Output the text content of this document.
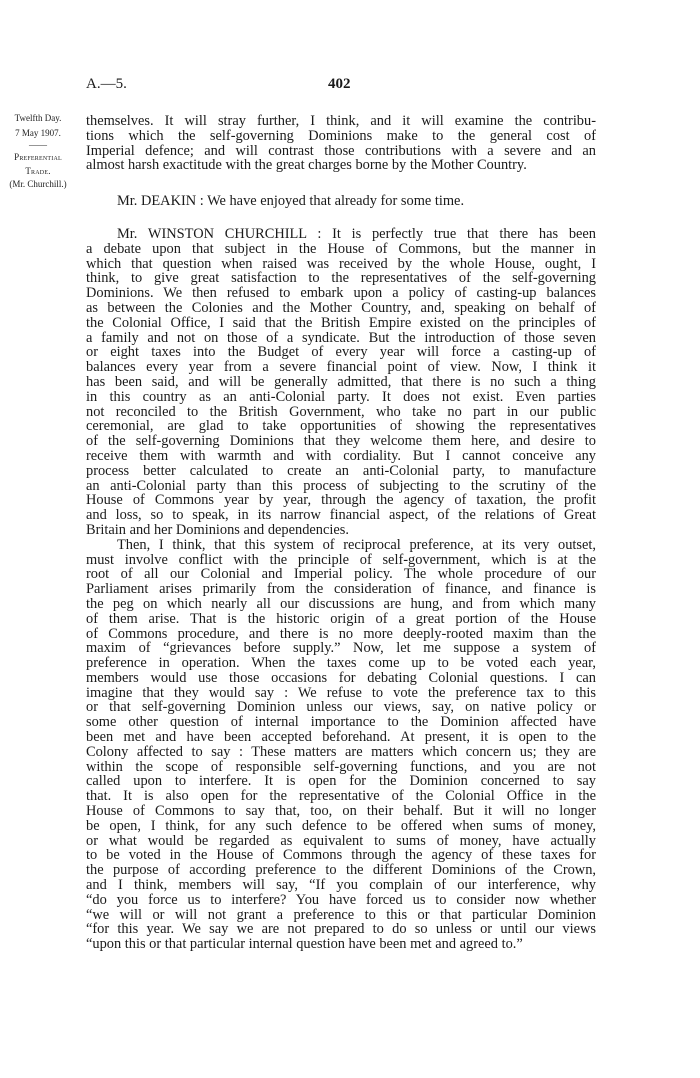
A.—5.	402
Twelfth Day.
7 May 1907.
——
Preferential
Trade.
(Mr. Churchill.)
themselves. It will stray further, I think, and it will examine the contribu-
tions which the self-governing Dominions make to the general cost of
Imperial defence; and will contrast those contributions with a severe and an
almost harsh exactitude with the great charges borne by the Mother Country.
Mr. DEAKIN : We have enjoyed that already for some time.
Mr. WINSTON CHURCHILL : It is perfectly true that there has been
a debate upon that subject in the House of Commons, but the manner in
which that question when raised was received by the whole House, ought, I
think, to give great satisfaction to the representatives of the self-governing
Dominions. We then refused to embark upon a policy of casting-up balances
as between the Colonies and the Mother Country, and, speaking on behalf of
the Colonial Office, I said that the British Empire existed on the principles of
a family and not on those of a syndicate. But the introduction of those seven
or eight taxes into the Budget of every year will force a casting-up of
balances every year from a severe financial point of view. Now, I think it
has been said, and will be generally admitted, that there is no such a thing
in this country as an anti-Colonial party. It does not exist. Even parties
not reconciled to the British Government, who take no part in our public
ceremonial, are glad to take opportunities of showing the representatives
of the self-governing Dominions that they welcome them here, and desire to
receive them with warmth and with cordiality. But I cannot conceive any
process better calculated to create an anti-Colonial party, to manufacture
an anti-Colonial party than this process of subjecting to the scrutiny of the
House of Commons year by year, through the agency of taxation, the profit
and loss, so to speak, in its narrow financial aspect, of the relations of Great
Britain and her Dominions and dependencies.
Then, I think, that this system of reciprocal preference, at its very outset,
must involve conflict with the principle of self-government, which is at the
root of all our Colonial and Imperial policy. The whole procedure of our
Parliament arises primarily from the consideration of finance, and finance is
the peg on which nearly all our discussions are hung, and from which many
of them arise. That is the historic origin of a great portion of the House
of Commons procedure, and there is no more deeply-rooted maxim than the
maxim of “grievances before supply.” Now, let me suppose a system of
preference in operation. When the taxes come up to be voted each year,
members would use those occasions for debating Colonial questions. I can
imagine that they would say : We refuse to vote the preference tax to this
or that self-governing Dominion unless our views, say, on native policy or
some other question of internal importance to the Dominion affected have
been met and have been accepted beforehand. At present, it is open to the
Colony affected to say : These matters are matters which concern us; they are
within the scope of responsible self-governing functions, and you are not
called upon to interfere. It is open for the Dominion concerned to say
that. It is also open for the representative of the Colonial Office in the
House of Commons to say that, too, on their behalf. But it will no longer
be open, I think, for any such defence to be offered when sums of money,
or what would be regarded as equivalent to sums of money, have actually
to be voted in the House of Commons through the agency of these taxes for
the purpose of according preference to the different Dominions of the Crown,
and I think, members will say, “If you complain of our interference, why
“do you force us to interfere? You have forced us to consider now whether
“we will or will not grant a preference to this or that particular Dominion
“for this year. We say we are not prepared to do so unless or until our views
“upon this or that particular internal question have been met and agreed to.”
